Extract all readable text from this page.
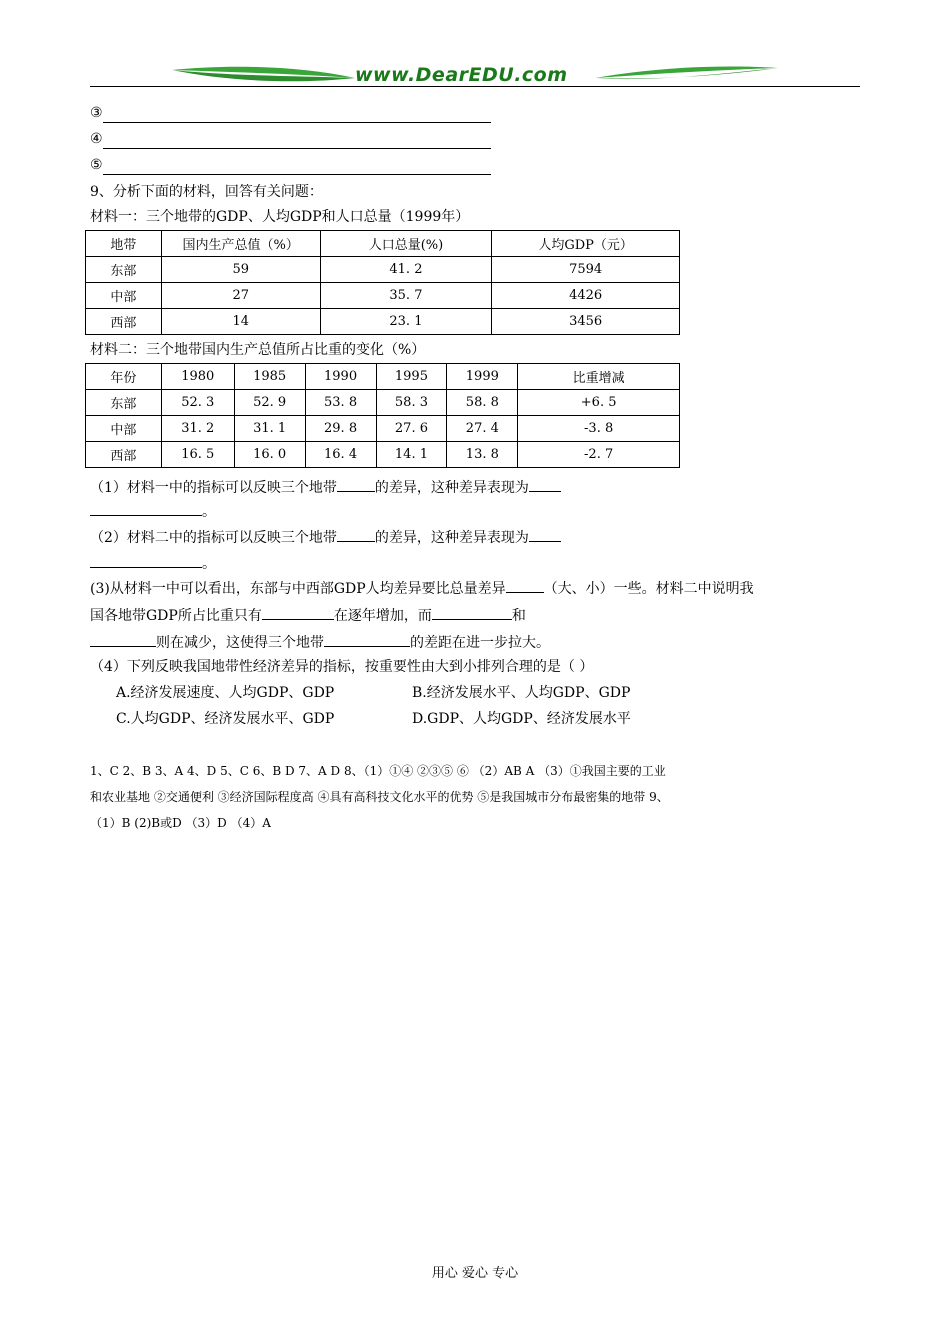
www.DearEDU.com
③
④
⑤
9、分析下面的材料，回答有关问题：
材料一：三个地带的GDP、人均GDP和人口总量（1999年）
地带	国内生产总值（%）	人口总量(%)	人均GDP（元）
东部	59	41. 2	7594
中部	27	35. 7	4426
西部	14	23. 1	3456
材料二：三个地带国内生产总值所占比重的变化（%）
年份	1980	1985	1990	1995	1999	比重增减
东部	52. 3	52. 9	53. 8	58. 3	58. 8	+6. 5
中部	31. 2	31. 1	29. 8	27. 6	27. 4	-3. 8
西部	16. 5	16. 0	16. 4	14. 1	13. 8	-2. 7
（1）材料一中的指标可以反映三个地带	的差异，这种差异表现为
。
（2）材料二中的指标可以反映三个地带	的差异，这种差异表现为
。
(3)从材料一中可以看出，东部与中西部GDP人均差异要比总量差异	（大、小）一些。材料二中说明我
国各地带GDP所占比重只有	在逐年增加，而	和
则在减少，这使得三个地带	的差距在进一步拉大。
（4）下列反映我国地带性经济差异的指标，按重要性由大到小排列合理的是（ ）
A.经济发展速度、人均GDP、GDP	B.经济发展水平、人均GDP、GDP
C.人均GDP、经济发展水平、GDP	D.GDP、人均GDP、经济发展水平
1、C 2、B 3、A 4、D 5、C 6、B D 7、A D 8、（1）①④ ②③⑤ ⑥ （2）AB A （3）①我国主要的工业
和农业基地 ②交通便利 ③经济国际程度高 ④具有高科技文化水平的优势 ⑤是我国城市分布最密集的地带 9、
（1）B (2)B或D （3）D （4）A
用心 爱心 专心
